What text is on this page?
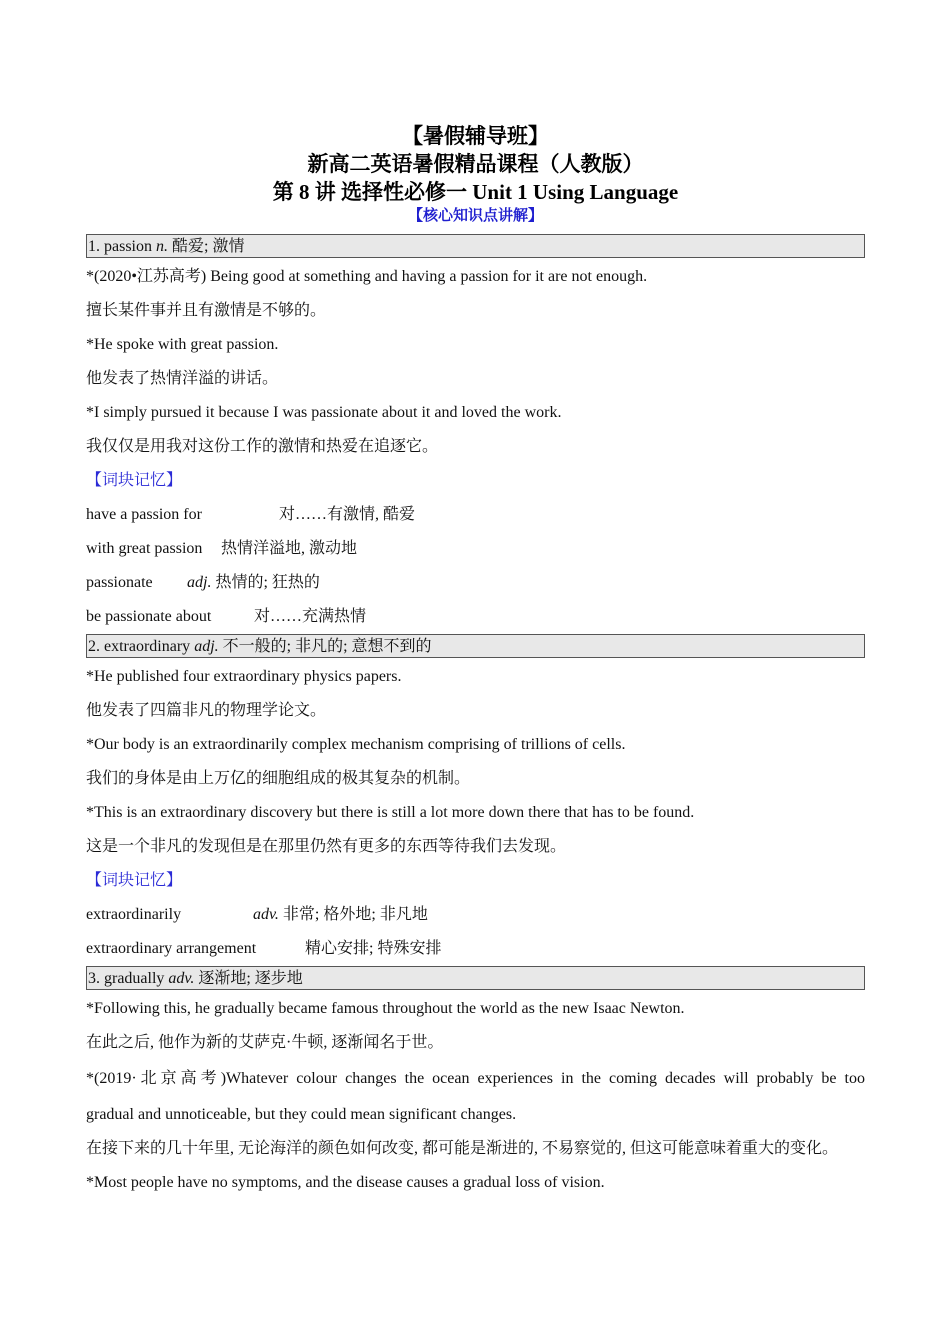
【暑假辅导班】
新高二英语暑假精品课程（人教版）
第 8 讲 选择性必修一 Unit 1 Using Language
【核心知识点讲解】
1. passion n. 酷爱; 激情
*(2020•江苏高考) Being good at something and having a passion for it are not enough.
擅长某件事并且有激情是不够的。
*He spoke with great passion.
他发表了热情洋溢的讲话。
*I simply pursued it because I was passionate about it and loved the work.
我仅仅是用我对这份工作的激情和热爱在追逐它。
【词块记忆】
have a passion for	对……有激情, 酷爱
with great passion 热情洋溢地, 激动地
passionate adj. 热情的; 狂热的
be passionate about	对……充满热情
2. extraordinary adj. 不一般的; 非凡的; 意想不到的
*He published four extraordinary physics papers.
他发表了四篇非凡的物理学论文。
*Our body is an extraordinarily complex mechanism comprising of trillions of cells.
我们的身体是由上万亿的细胞组成的极其复杂的机制。
*This is an extraordinary discovery but there is still a lot more down there that has to be found.
这是一个非凡的发现但是在那里仍然有更多的东西等待我们去发现。
【词块记忆】
extraordinarily	adv. 非常; 格外地; 非凡地
extraordinary arrangement	精心安排; 特殊安排
3. gradually adv. 逐渐地; 逐步地
*Following this, he gradually became famous throughout the world as the new Isaac Newton.
在此之后, 他作为新的艾萨克·牛顿, 逐渐闻名于世。
*(2019·北京高考)Whatever colour changes the ocean experiences in the coming decades will probably be too
gradual and unnoticeable, but they could mean significant changes.
在接下来的几十年里, 无论海洋的颜色如何改变, 都可能是渐进的, 不易察觉的, 但这可能意味着重大的变化。
*Most people have no symptoms, and the disease causes a gradual loss of vision.
